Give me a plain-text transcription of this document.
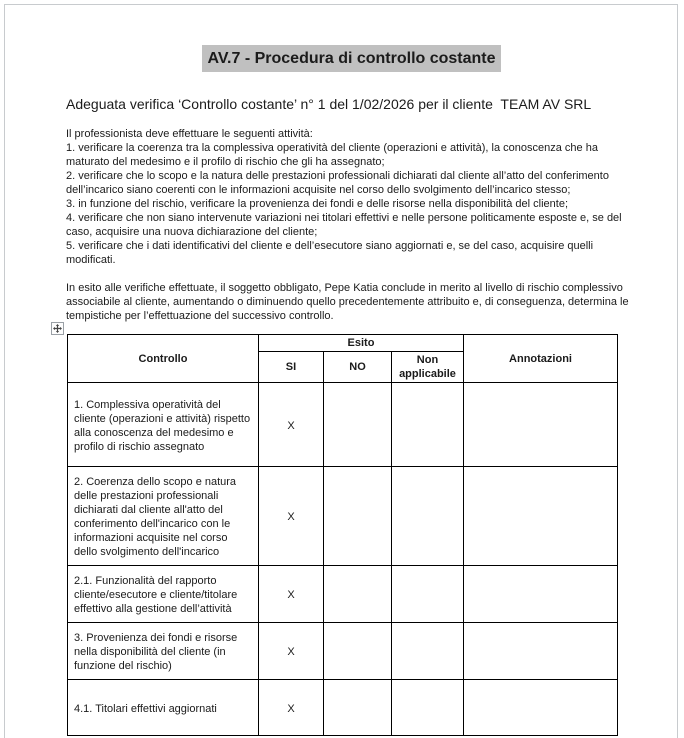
AV.7 - Procedura di controllo costante

Adeguata verifica ‘Controllo costante’ n° 1 del 1/02/2026 per il cliente  TEAM AV SRL

Il professionista deve effettuare le seguenti attività:

1. verificare la coerenza tra la complessiva operatività del cliente (operazioni e attività), la conoscenza che ha maturato del medesimo e il profilo di rischio che gli ha assegnato;

2. verificare che lo scopo e la natura delle prestazioni professionali dichiarati dal cliente all’atto del conferimento dell’incarico siano coerenti con le informazioni acquisite nel corso dello svolgimento dell’incarico stesso;

3. in funzione del rischio, verificare la provenienza dei fondi e delle risorse nella disponibilità del cliente;

4. verificare che non siano intervenute variazioni nei titolari effettivi e nelle persone politicamente esposte e, se del caso, acquisire una nuova dichiarazione del cliente;

5. verificare che i dati identificativi del cliente e dell’esecutore siano aggiornati e, se del caso, acquisire quelli modificati.

In esito alle verifiche effettuate, il soggetto obbligato, Pepe Katia conclude in merito al livello di rischio complessivo associabile al cliente, aumentando o diminuendo quello precedentemente attribuito e, di conseguenza, determina le tempistiche per l’effettuazione del successivo controllo.

Controllo	Esito			Annotazioni
	SI	NO	Non applicabile	
1. Complessiva operatività del cliente (operazioni e attività) rispetto alla conoscenza del medesimo e profilo di rischio assegnato	X			
2. Coerenza dello scopo e natura delle prestazioni professionali dichiarati dal cliente all'atto del conferimento dell'incarico con le informazioni acquisite nel corso dello svolgimento dell'incarico	X			
2.1. Funzionalità del rapporto cliente/esecutore e cliente/titolare effettivo alla gestione dell’attività	X			
3. Provenienza dei fondi e risorse nella disponibilità del cliente (in funzione del rischio)	X			
4.1. Titolari effettivi aggiornati	X			
